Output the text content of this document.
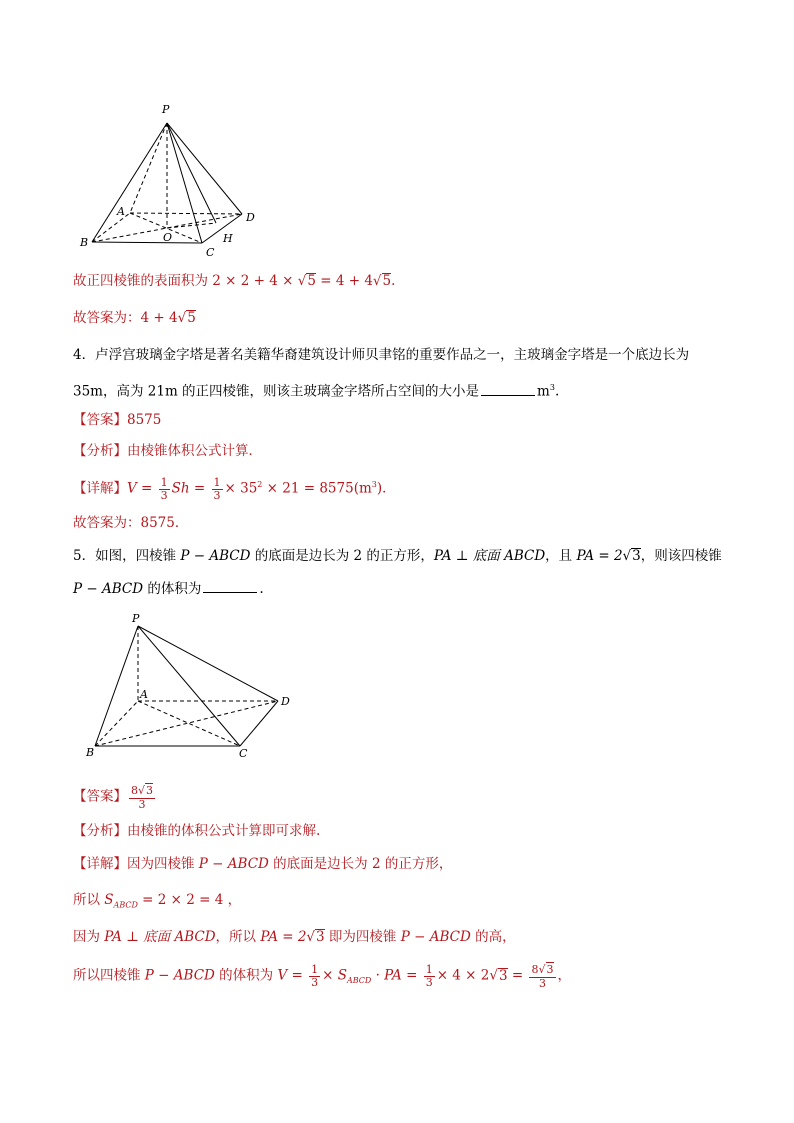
P
A
B
C
D
O	H
故正四棱锥的表面积为 2 × 2 + 4 × √5 = 4 + 4√5.
故答案为：4 + 4√5
4．卢浮宫玻璃金字塔是著名美籍华裔建筑设计师贝聿铭的重要作品之一，主玻璃金字塔是一个底边长为
35m，高为 21m 的正四棱锥，则该主玻璃金字塔所占空间的大小是	$m^3$.
【答案】8575
【分析】由棱锥体积公式计算．
【详解】$V = \frac{1}{3}$ $Sh = \frac{1}{3} \times 35^2 \times 21 = 8575(m^3)$．
故答案为：8575．
5．如图，四棱锥 P − ABCD 的底面是边长为 2 的正方形，PA ⊥ 底面 ABCD，且 PA = 2√3，则该四棱锥
P − ABCD 的体积为	.
P
A
B	C
D
【答案】 $\frac{8√3}{3}$
【分析】由棱锥的体积公式计算即可求解.
【详解】因为四棱锥 P − ABCD 的底面是边长为 2 的正方形，
所以 $S_{ABCD} = 2 \times 2 = 4$ ，
因为 PA ⊥ 底面 ABCD，所以 PA = 2√3 即为四棱锥 P − ABCD 的高，
所以四棱锥 P − ABCD 的体积为 $V = \frac{1}{3} \times S_{ABCD}$ · PA = $\frac{1}{3} \times 4 \times 2√3 = \frac{8√3}{3}$ ，
